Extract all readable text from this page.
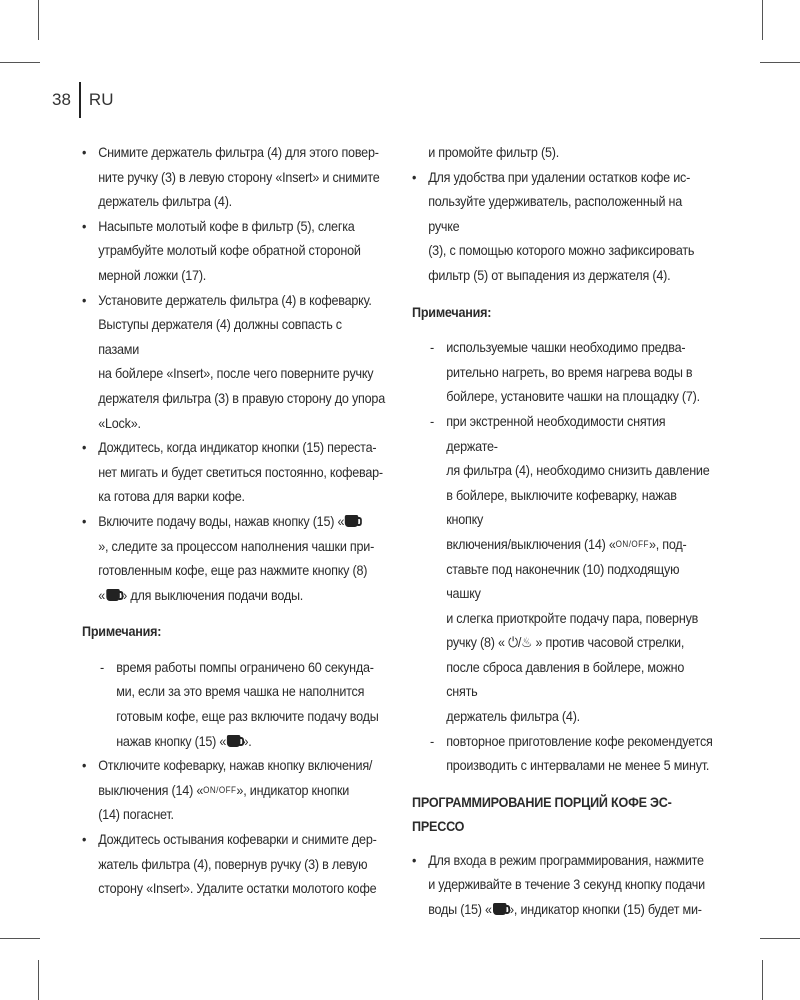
38	RU
• Снимите держатель фильтра (4) для этого повер-
ните ручку (3) в левую сторону «Insert» и снимите
держатель фильтра (4).
• Насыпьте молотый кофе в фильтр (5), слегка
утрамбуйте молотый кофе обратной стороной
мерной ложки (17).
• Установите держатель фильтра (4) в кофеварку.
Выступы держателя (4) должны совпасть с пазами
на бойлере «Insert», после чего поверните ручку
держателя фильтра (3) в правую сторону до упора
«Lock».
• Дождитесь, когда индикатор кнопки (15) переста-
нет мигать и будет светиться постоянно, кофевар-
ка готова для варки кофе.
• Включите подачу воды, нажав кнопку (15) «
», следите за процессом наполнения чашки при-
готовленным кофе, еще раз нажмите кнопку (8)
« » для выключения подачи воды.
Примечания:
- время работы помпы ограничено 60 секунда-
ми, если за это время чашка не наполнится
готовым кофе, еще раз включите подачу воды
нажав кнопку (15) « ».
• Отключите кофеварку, нажав кнопку включения/
выключения (14) «ON/OFF», индикатор кнопки
(14) погаснет.
• Дождитесь остывания кофеварки и снимите дер-
жатель фильтра (4), повернув ручку (3) в левую
сторону «Insert». Удалите остатки молотого кофе
и промойте фильтр (5).
• Для удобства при удалении остатков кофе ис-
пользуйте удерживатель, расположенный на ручке
(3), с помощью которого можно зафиксировать
фильтр (5) от выпадения из держателя (4).
Примечания:
- используемые чашки необходимо предва-
рительно нагреть, во время нагрева воды в
бойлере, установите чашки на площадку (7).
- при экстренной необходимости снятия держате-
ля фильтра (4), необходимо снизить давление
в бойлере, выключите кофеварку, нажав кнопку
включения/выключения (14) «ON/OFF», под-
ставьте под наконечник (10) подходящую чашку
и слегка приоткройте подачу пара, повернув
ручку (8) « ⏻/♨ » против часовой стрелки,
после сброса давления в бойлере, можно снять
держатель фильтра (4).
- повторное приготовление кофе рекомендуется
производить с интервалами не менее 5 минут.
ПРОГРАММИРОВАНИЕ ПОРЦИЙ КОФЕ ЭС-
ПРЕССО
• Для входа в режим программирования, нажмите
и удерживайте в течение 3 секунд кнопку подачи
воды (15) « », индикатор кнопки (15) будет ми-
